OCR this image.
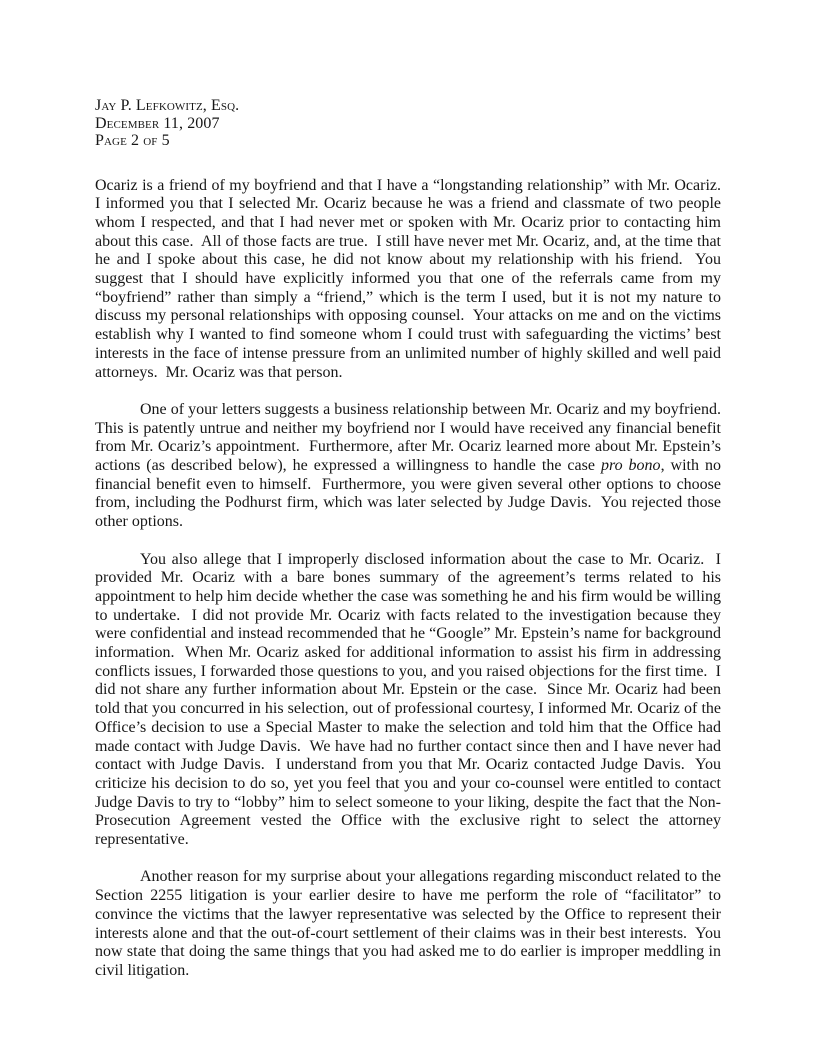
Jay P. Lefkowitz, Esq.
December 11, 2007
Page 2 of 5

Ocariz is a friend of my boyfriend and that I have a “longstanding relationship” with Mr. Ocariz.  I informed you that I selected Mr. Ocariz because he was a friend and classmate of two people whom I respected, and that I had never met or spoken with Mr. Ocariz prior to contacting him about this case.  All of those facts are true.  I still have never met Mr. Ocariz, and, at the time that he and I spoke about this case, he did not know about my relationship with his friend.  You suggest that I should have explicitly informed you that one of the referrals came from my “boyfriend” rather than simply a “friend,” which is the term I used, but it is not my nature to discuss my personal relationships with opposing counsel.  Your attacks on me and on the victims establish why I wanted to find someone whom I could trust with safeguarding the victims’ best interests in the face of intense pressure from an unlimited number of highly skilled and well paid attorneys.  Mr. Ocariz was that person.

One of your letters suggests a business relationship between Mr. Ocariz and my boyfriend.  This is patently untrue and neither my boyfriend nor I would have received any financial benefit from Mr. Ocariz’s appointment.  Furthermore, after Mr. Ocariz learned more about Mr. Epstein’s actions (as described below), he expressed a willingness to handle the case pro bono, with no financial benefit even to himself.  Furthermore, you were given several other options to choose from, including the Podhurst firm, which was later selected by Judge Davis.  You rejected those other options.

You also allege that I improperly disclosed information about the case to Mr. Ocariz.  I provided Mr. Ocariz with a bare bones summary of the agreement’s terms related to his appointment to help him decide whether the case was something he and his firm would be willing to undertake.  I did not provide Mr. Ocariz with facts related to the investigation because they were confidential and instead recommended that he “Google” Mr. Epstein’s name for background information.  When Mr. Ocariz asked for additional information to assist his firm in addressing conflicts issues, I forwarded those questions to you, and you raised objections for the first time.  I did not share any further information about Mr. Epstein or the case.  Since Mr. Ocariz had been told that you concurred in his selection, out of professional courtesy, I informed Mr. Ocariz of the Office’s decision to use a Special Master to make the selection and told him that the Office had made contact with Judge Davis.  We have had no further contact since then and I have never had contact with Judge Davis.  I understand from you that Mr. Ocariz contacted Judge Davis.  You criticize his decision to do so, yet you feel that you and your co-counsel were entitled to contact Judge Davis to try to “lobby” him to select someone to your liking, despite the fact that the Non-Prosecution Agreement vested the Office with the exclusive right to select the attorney representative.

Another reason for my surprise about your allegations regarding misconduct related to the Section 2255 litigation is your earlier desire to have me perform the role of “facilitator” to convince the victims that the lawyer representative was selected by the Office to represent their interests alone and that the out-of-court settlement of their claims was in their best interests.  You now state that doing the same things that you had asked me to do earlier is improper meddling in civil litigation.
